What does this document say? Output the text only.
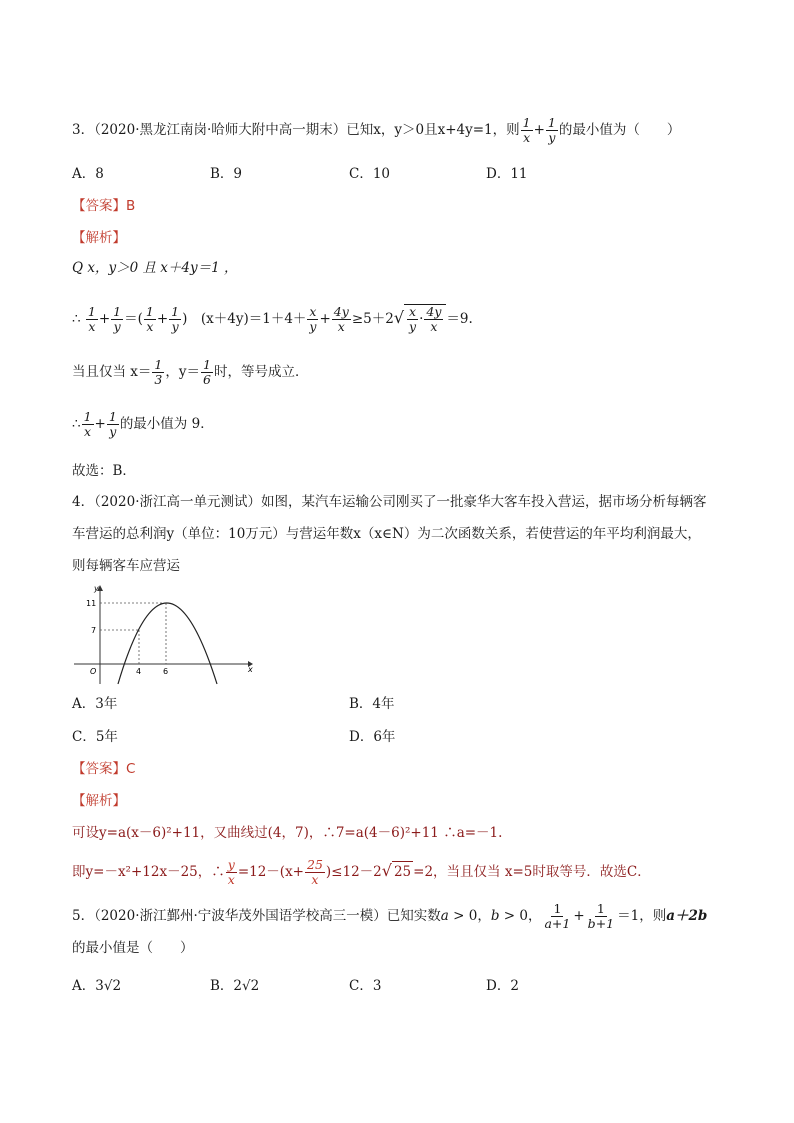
3．（2020·黑龙江南岗·哈师大附中高一期末）已知x，y＞0且x+4y=1，则 $\frac{1}{x} + \frac{1}{y}$ 的最小值为（　　）
A．8	B．9	C．10	D．11
【答案】B
【解析】
Q x，y＞0 且 x＋4y＝1 ，
∴ $\frac{1}{x} + \frac{1}{y}$ ＝( $\frac{1}{x} + \frac{1}{y}$ )　$(x+4y)=1+4+ \frac{x}{y} + \frac{4y}{x} \ge 5+2√ \frac{x}{y} \cdot \frac{4y}{x} =9$.
当且仅当 $x= \frac{1}{3}$ ，$y= \frac{1}{6}$ 时，等号成立．
∴ $\frac{1}{x} + \frac{1}{y}$ 的最小值为 9．
故选：B．
4．（2020·浙江高一单元测试）如图，某汽车运输公司刚买了一批豪华大客车投入营运，据市场分析每辆客
车营运的总利润y（单位：10万元）与营运年数x（x∈N）为二次函数关系，若使营运的年平均利润最大，
则每辆客车应营运
y
x
O
11
7
4	6
A．3年	B．4年
C．5年	D．6年
【答案】C
【解析】
可设y=a(x－6)²+11，又曲线过(4，7)，∴7=a(4－6)²+11 ∴a=－1.
即y=－x²+12x－25，∴ $\frac{y}{x} =12-(x+ \frac{25}{x} )\le 12-2√$ 25 =2，当且仅当 x=5时取等号．故选C．
5．（2020·浙江鄞州·宁波华茂外国语学校高三一模）已知实数a > 0，b > 0， $\frac{1}{a+1} + \frac{1}{b+1} =1$，则a＋2b
的最小值是（　　）
A．3√2	B．2√2	C．3	D．2
